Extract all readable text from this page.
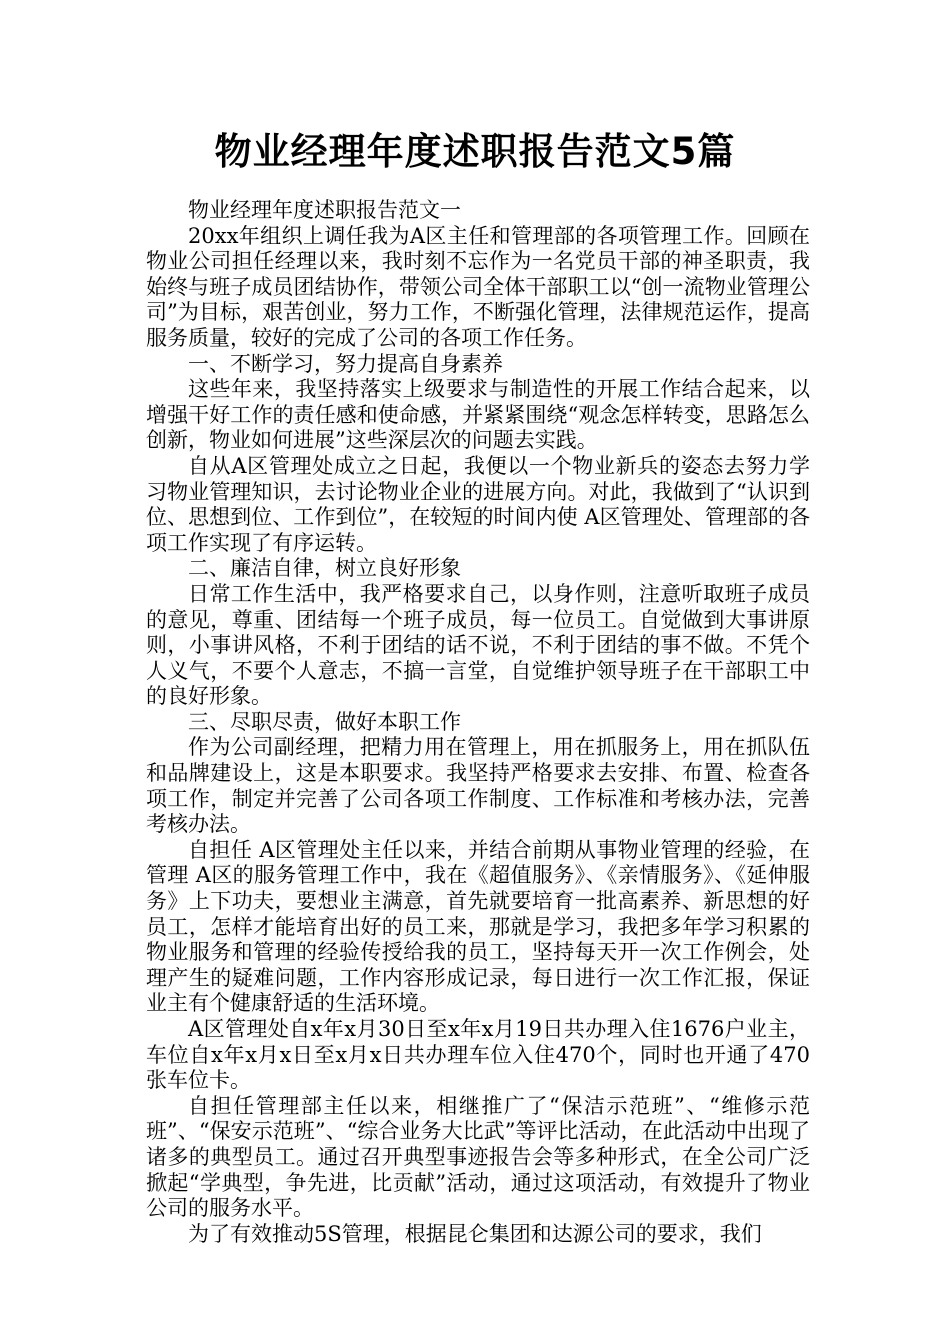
物业经理年度述职报告范文5篇

物业经理年度述职报告范文一

20xx年组织上调任我为A区主任和管理部的各项管理工作。回顾在物业公司担任经理以来，我时刻不忘作为一名党员干部的神圣职责，我始终与班子成员团结协作，带领公司全体干部职工以“创一流物业管理公司”为目标，艰苦创业，努力工作，不断强化管理，法律规范运作，提高服务质量，较好的完成了公司的各项工作任务。

一、不断学习，努力提高自身素养

这些年来，我坚持落实上级要求与制造性的开展工作结合起来，以增强干好工作的责任感和使命感，并紧紧围绕“观念怎样转变，思路怎么创新，物业如何进展”这些深层次的问题去实践。

自从A区管理处成立之日起，我便以一个物业新兵的姿态去努力学习物业管理知识，去讨论物业企业的进展方向。对此，我做到了“认识到位、思想到位、工作到位”，在较短的时间内使 A区管理处、管理部的各项工作实现了有序运转。

二、廉洁自律，树立良好形象

日常工作生活中，我严格要求自己，以身作则，注意听取班子成员的意见，尊重、团结每一个班子成员，每一位员工。自觉做到大事讲原则，小事讲风格，不利于团结的话不说，不利于团结的事不做。不凭个人义气，不要个人意志，不搞一言堂，自觉维护领导班子在干部职工中的良好形象。

三、尽职尽责，做好本职工作

作为公司副经理，把精力用在管理上，用在抓服务上，用在抓队伍和品牌建设上，这是本职要求。我坚持严格要求去安排、布置、检查各项工作，制定并完善了公司各项工作制度、工作标准和考核办法，完善考核办法。

自担任 A区管理处主任以来，并结合前期从事物业管理的经验，在管理 A区的服务管理工作中，我在《超值服务》、《亲情服务》、《延伸服务》上下功夫，要想业主满意，首先就要培育一批高素养、新思想的好员工，怎样才能培育出好的员工来，那就是学习，我把多年学习积累的物业服务和管理的经验传授给我的员工，坚持每天开一次工作例会，处理产生的疑难问题，工作内容形成记录，每日进行一次工作汇报，保证业主有个健康舒适的生活环境。

A区管理处自x年x月30日至x年x月19日共办理入住1676户业主，车位自x年x月x日至x月x日共办理车位入住470个，同时也开通了470张车位卡。

自担任管理部主任以来，相继推广了“保洁示范班”、“维修示范班”、“保安示范班”、“综合业务大比武”等评比活动，在此活动中出现了诸多的典型员工。通过召开典型事迹报告会等多种形式，在全公司广泛掀起“学典型，争先进，比贡献”活动，通过这项活动，有效提升了物业公司的服务水平。

为了有效推动5S管理，根据昆仑集团和达源公司的要求，我们
